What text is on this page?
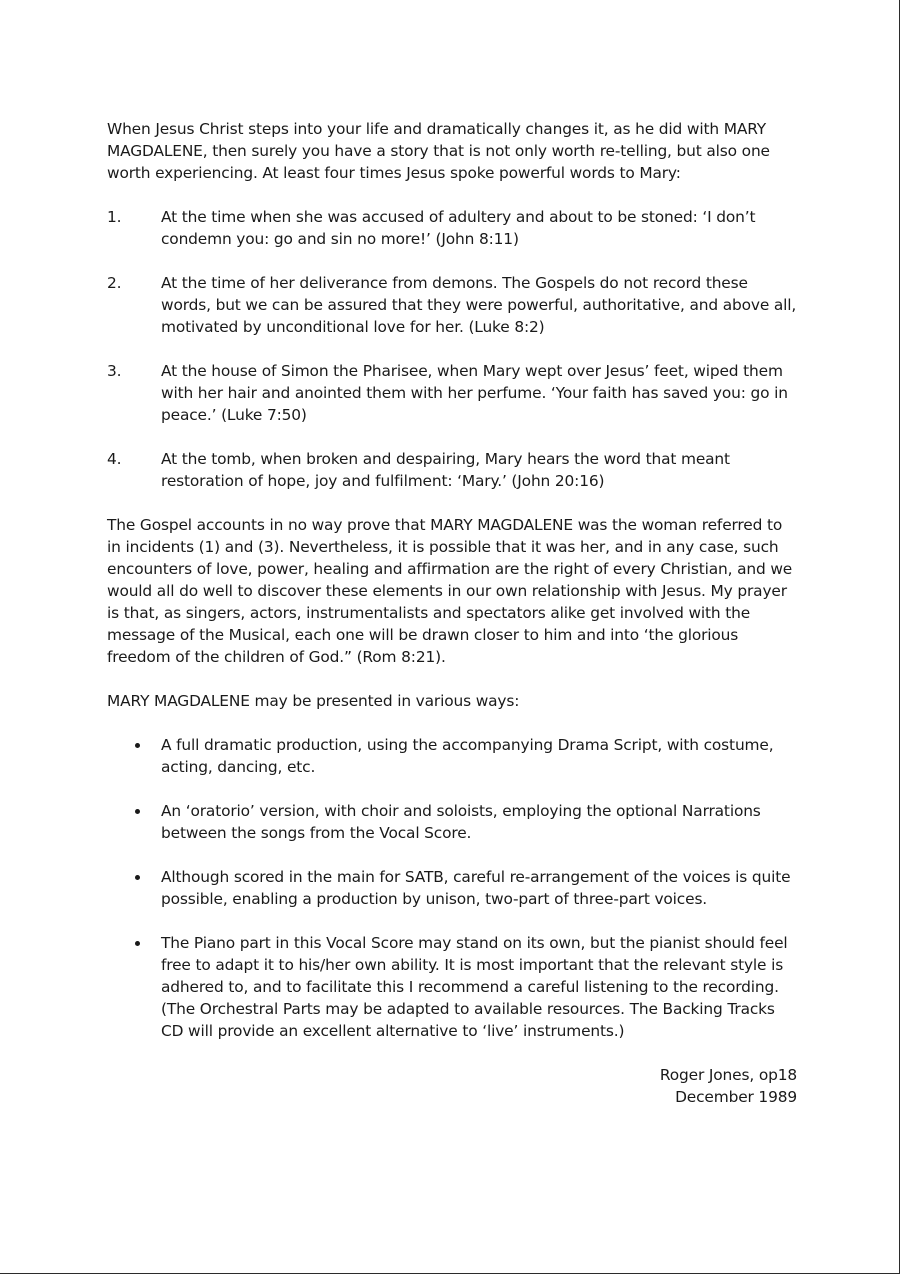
When Jesus Christ steps into your life and dramatically changes it, as he did with MARY MAGDALENE, then surely you have a story that is not only worth re-telling, but also one worth experiencing. At least four times Jesus spoke powerful words to Mary:

1.	At the time when she was accused of adultery and about to be stoned: ‘I don’t condemn you: go and sin no more!’ (John 8:11)
2.	At the time of her deliverance from demons. The Gospels do not record these words, but we can be assured that they were powerful, authoritative, and above all, motivated by unconditional love for her. (Luke 8:2)
3.	At the house of Simon the Pharisee, when Mary wept over Jesus’ feet, wiped them with her hair and anointed them with her perfume. ‘Your faith has saved you: go in peace.’ (Luke 7:50)
4.	At the tomb, when broken and despairing, Mary hears the word that meant restoration of hope, joy and fulfilment: ‘Mary.’ (John 20:16)

The Gospel accounts in no way prove that MARY MAGDALENE was the woman referred to in incidents (1) and (3). Nevertheless, it is possible that it was her, and in any case, such encounters of love, power, healing and affirmation are the right of every Christian, and we would all do well to discover these elements in our own relationship with Jesus. My prayer is that, as singers, actors, instrumentalists and spectators alike get involved with the message of the Musical, each one will be drawn closer to him and into ‘the glorious freedom of the children of God.” (Rom 8:21).

MARY MAGDALENE may be presented in various ways:

A full dramatic production, using the accompanying Drama Script, with costume, acting, dancing, etc.
An ‘oratorio’ version, with choir and soloists, employing the optional Narrations between the songs from the Vocal Score.
Although scored in the main for SATB, careful re-arrangement of the voices is quite possible, enabling a production by unison, two-part of three-part voices.
The Piano part in this Vocal Score may stand on its own, but the pianist should feel free to adapt it to his/her own ability. It is most important that the relevant style is adhered to, and to facilitate this I recommend a careful listening to the recording. (The Orchestral Parts may be adapted to available resources. The Backing Tracks CD will provide an excellent alternative to ‘live’ instruments.)
Roger Jones, op18
December 1989
